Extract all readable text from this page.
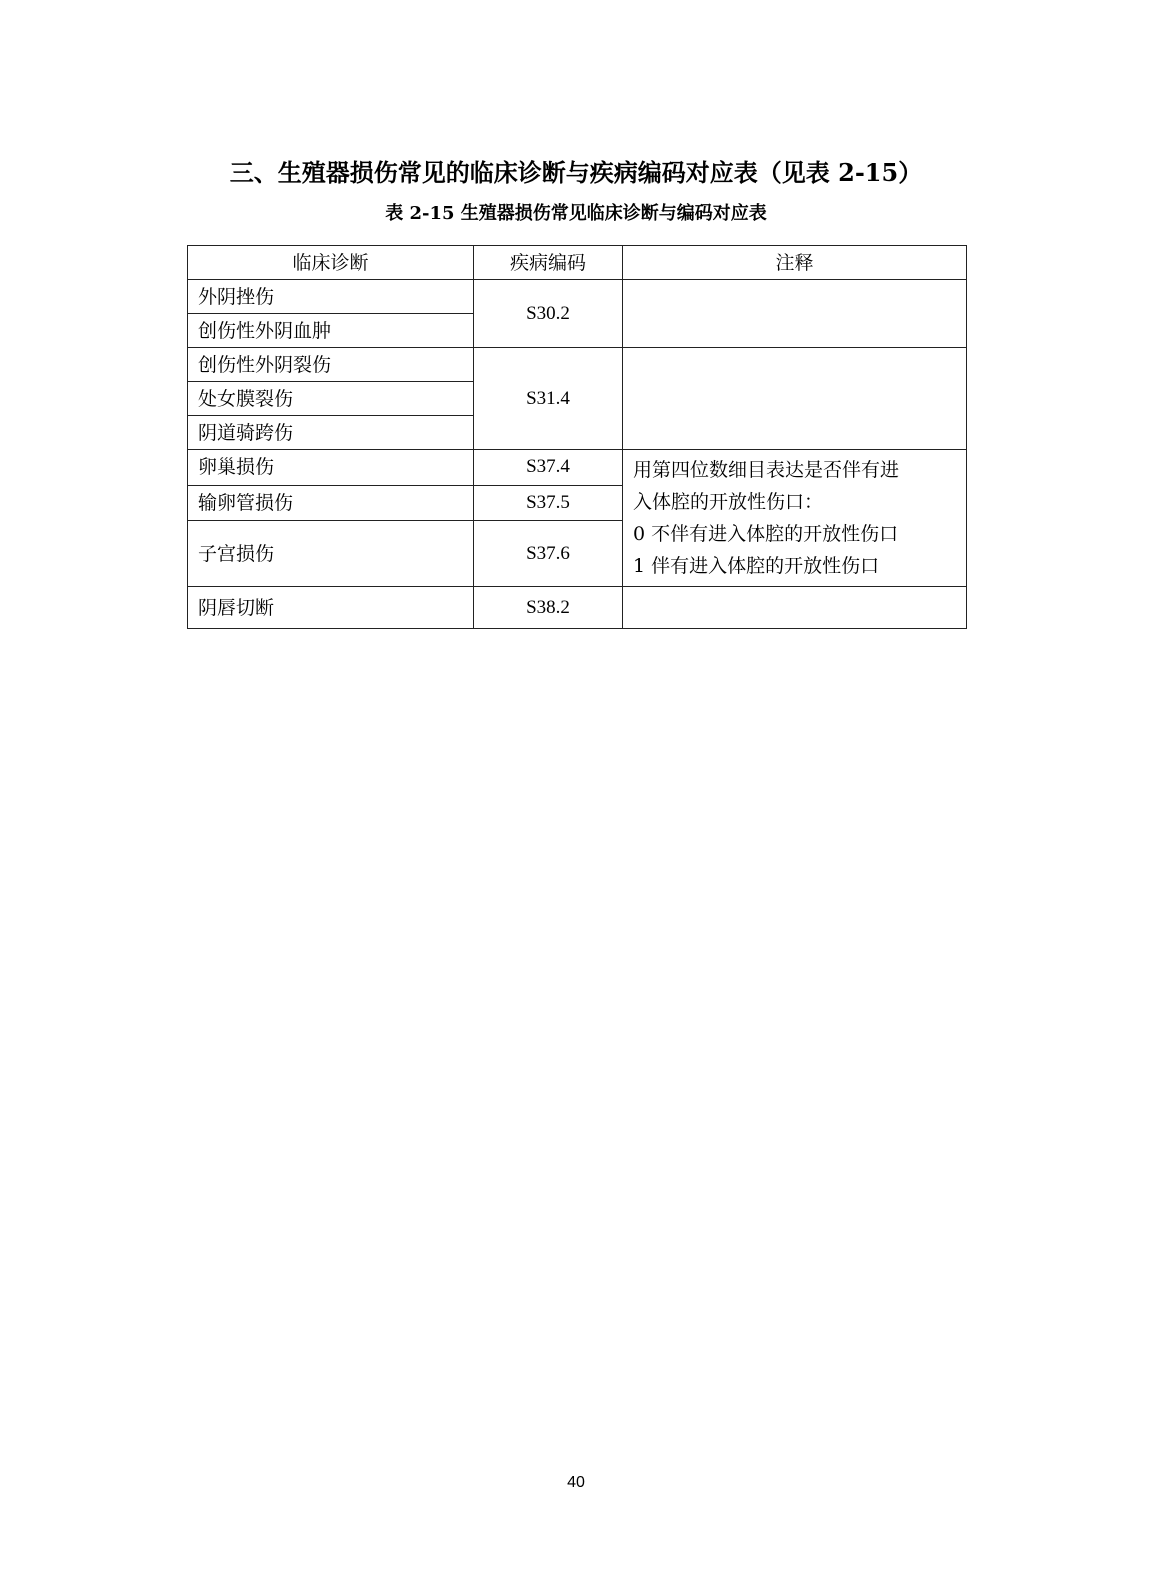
三、生殖器损伤常见的临床诊断与疾病编码对应表（见表 2-15）

表 2-15 生殖器损伤常见临床诊断与编码对应表

临床诊断	疾病编码	注释
外阴挫伤	S30.2	
创伤性外阴血肿		
创伤性外阴裂伤	S31.4	
处女膜裂伤		
阴道骑跨伤		
卵巢损伤	S37.4	用第四位数细目表达是否伴有进
入体腔的开放性伤口：
0 不伴有进入体腔的开放性伤口
1 伴有进入体腔的开放性伤口

输卵管损伤	S37.5	
子宫损伤	S37.6	
阴唇切断	S38.2	
40
